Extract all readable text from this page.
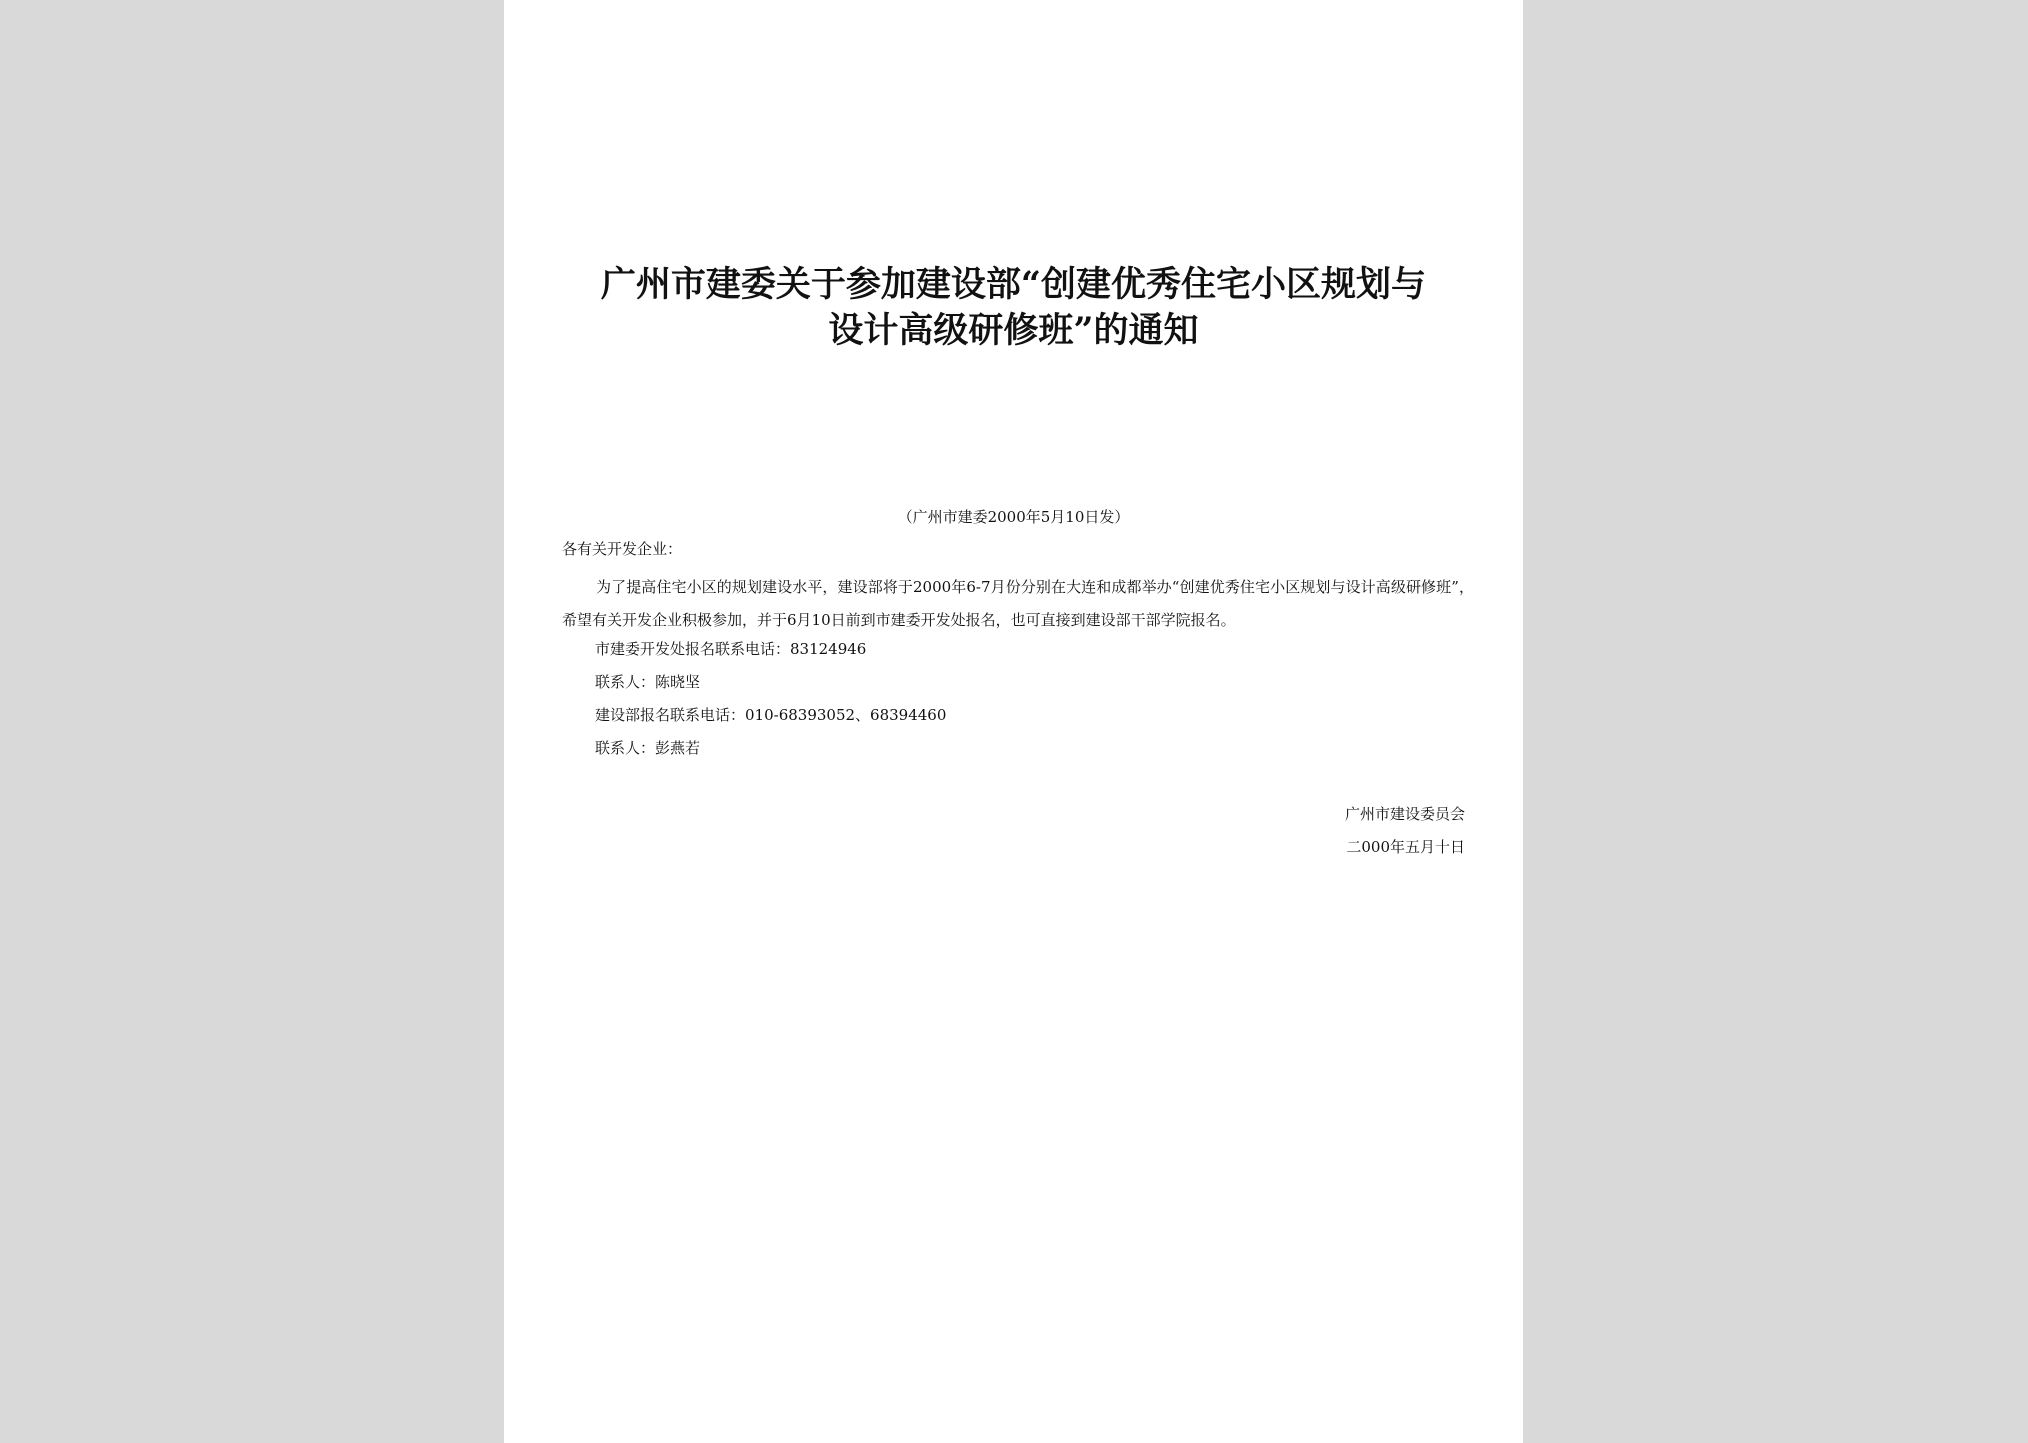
广州市建委关于参加建设部“创建优秀住宅小区规划与
设计高级研修班”的通知
（广州市建委2000年5月10日发）
各有关开发企业：
为了提高住宅小区的规划建设水平，建设部将于2000年6-7月份分别在大连和成都举办“创建优秀住宅小区规划与设计高级研修班”，希望有关开发企业积极参加，并于6月10日前到市建委开发处报名，也可直接到建设部干部学院报名。
市建委开发处报名联系电话：83124946
联系人：陈晓坚
建设部报名联系电话：010-68393052、68394460
联系人：彭燕若
广州市建设委员会
二000年五月十日
